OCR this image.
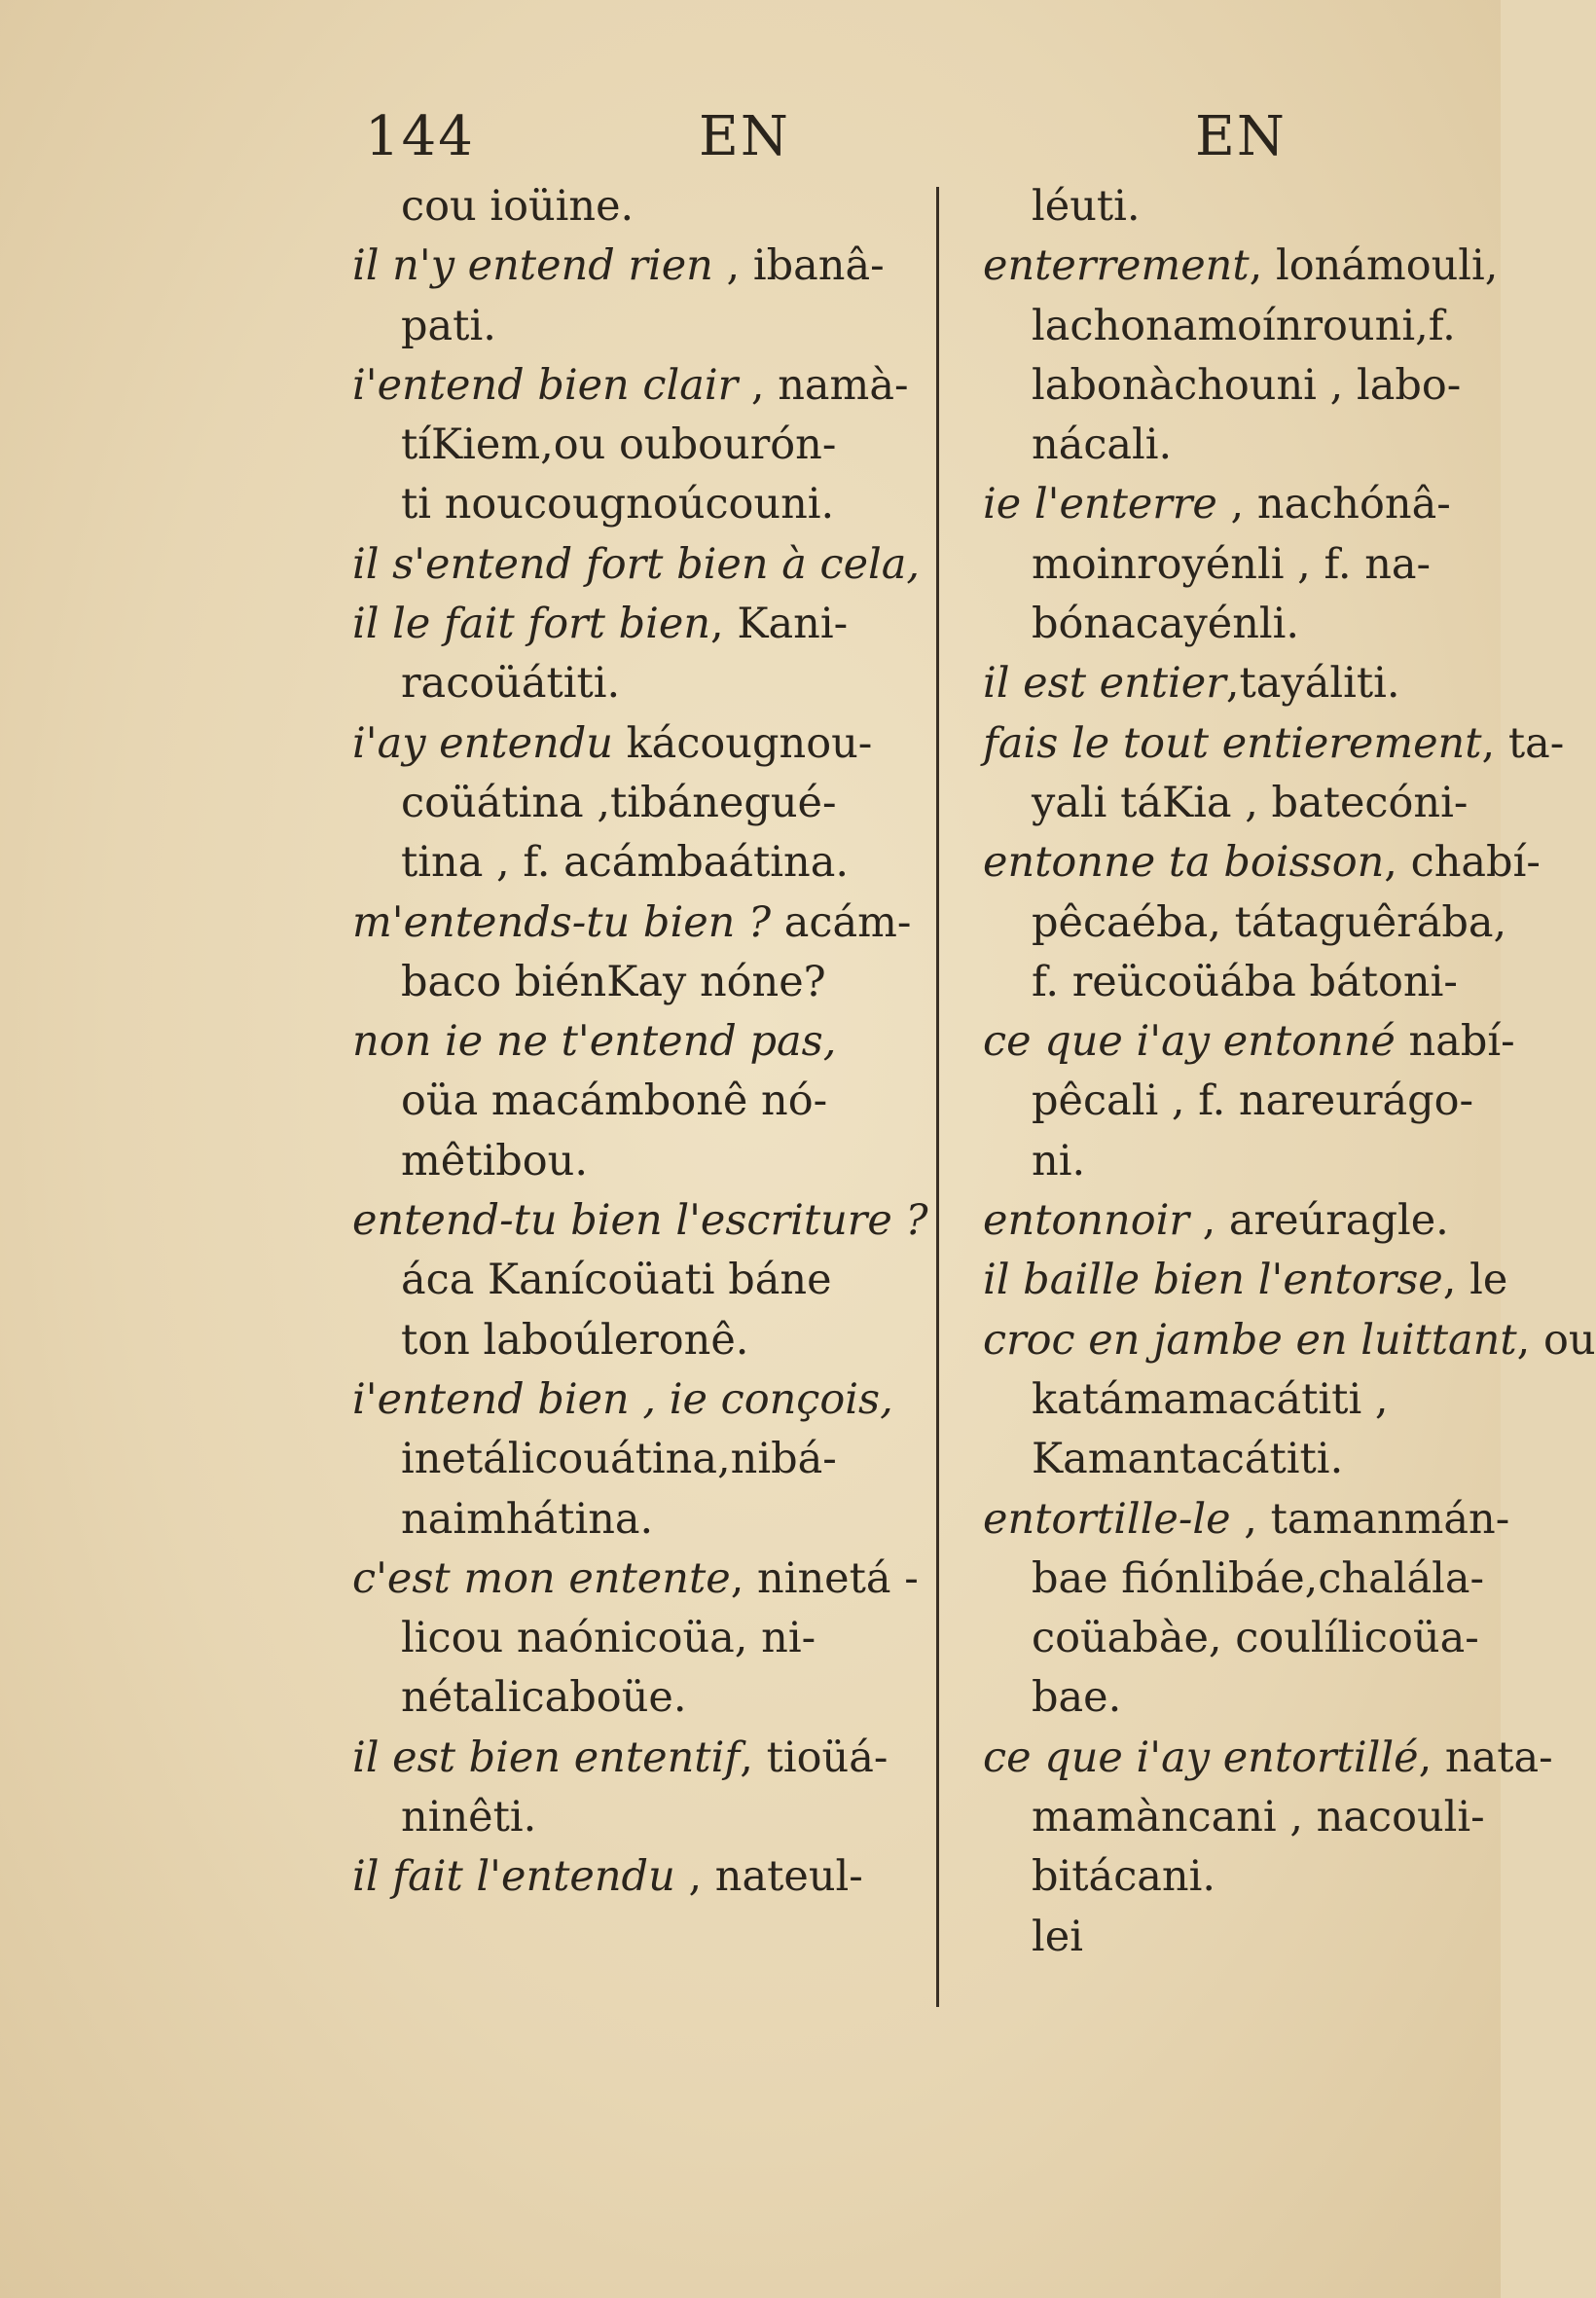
144	EN	EN
cou ioüine.
il n'y entend rien , ibanâ-
pati.
i'entend bien clair , namà-
tíKiem,ou oubourón-
ti noucougnoúcouni.
il s'entend fort bien à cela,
il le fait fort bien, Kani-
racoüátiti.
i'ay entendu kácougnou-
coüátina ,tibánegué-
tina , f. acámbaátina.
m'entends-tu bien ? acám-
baco biénKay nóne?
non ie ne t'entend pas,
oüa macámbonê nó-
mêtibou.
entend-tu bien l'escriture ?
áca Kanícoüati báne
ton laboúleronê.
i'entend bien , ie conçois,
inetálicouátina,nibá-
naimhátina.
c'est mon entente, ninetá -
licou naónicoüa, ni-
nétalicaboüe.
il est bien ententif, tioüá-
ninêti.
il fait l'entendu , nateul-
léuti.
enterrement, lonámouli,
lachonamoínrouni,f.
labonàchouni , labo-
nácali.
ie l'enterre , nachónâ-
moinroyénli , f. na-
bónacayénli.
il est entier,tayáliti.
fais le tout entierement, ta-
yali táKia , batecóni-
entonne ta boisson, chabí-
pêcaéba, tátaguêrába,
f. reücoüába bátoni-
ce que i'ay entonné nabí-
pêcali , f. nareurágo-
ni.
entonnoir , areúragle.
il baille bien l'entorse, le
croc en jambe en luittant, ou
katámamacátiti ,
Kamantacátiti.
entortille-le , tamanmán-
bae fiónlibáe,chalála-
coüabàe, coulílicoüa-
bae.
ce que i'ay entortillé, nata-
mamàncani , nacouli-
bitácani.
lei
